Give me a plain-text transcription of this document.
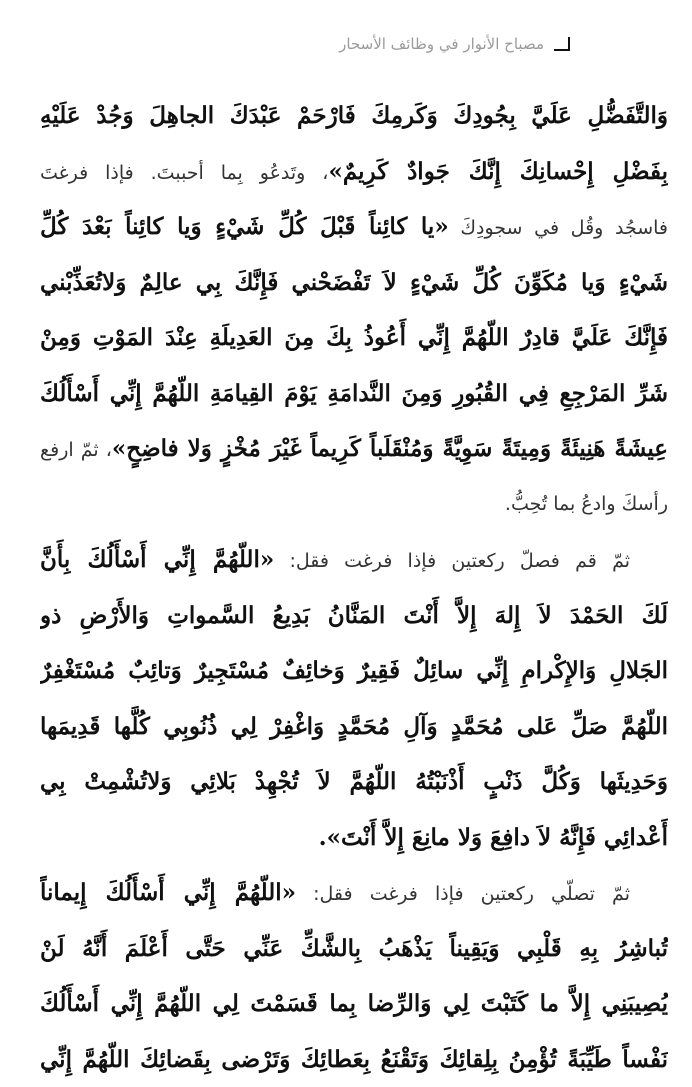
مصباح الأنوار في وظائف الأسحار
وَالتَّفَضُّلِ عَلَيَّ بِجُودِكَ وَكَرمِكَ فَارْحَمْ عَبْدَكَ الجاهِلَ وَجُدْ عَلَيْهِ
بِفَضْلِ إِحْسانِكَ إِنَّكَ جَوادٌ كَرِيمٌ»، وتَدعُو بِما أحببتَ. فإذا فرغتَ
فاسجُد وقُل في سجودِكَ «يا كائِناً قَبْلَ كُلِّ شَيْءٍ وَيا كائِناً بَعْدَ كُلِّ
شَيْءٍ وَيا مُكَوِّنَ كُلِّ شَيْءٍ لاَ تَفْضَحْني فَإِنَّكَ بِي عالِمٌ وَلاتُعَذِّبْني
فَإِنَّكَ عَلَيَّ قادِرٌ اللّهُمَّ إِنِّي أَعُوذُ بِكَ مِنَ العَدِيلَةِ عِنْدَ المَوْتِ وَمِنْ
شَرِّ المَرْجِعِ فِي القُبُورِ وَمِنَ النَّدامَةِ يَوْمَ القِيامَةِ اللّهُمَّ إِنِّي أَسْأَلُكَ
عِيشَةً هَنِيئَةً وَمِيتَةً سَوِيَّةً وَمُنْقَلَباً كَرِيماً غَيْرَ مُخْزٍ وَلا فاضِحٍ»، ثمّ ارفع
رأسكَ وادعُ بما تُحِبُّ.
ثمّ قم فصلّ ركعتين فإذا فرغت فقل: «اللّهُمَّ إِنِّي أَسْأَلُكَ بِأَنَّ
لَكَ الحَمْدَ لاَ إِلهَ إِلاَّ أَنْتَ المَنَّانُ بَدِيعُ السَّمواتِ وَالأَرْضِ ذو
الجَلالِ وَالإِكْرامِ إِنِّي سائِلٌ فَقِيرٌ وَخائِفٌ مُسْتَجِيرٌ وَتائِبٌ مُسْتَغْفِرٌ
اللّهُمَّ صَلِّ عَلى مُحَمَّدٍ وَآلِ مُحَمَّدٍ وَاغْفِرْ لِي ذُنُوبِي كُلَّها قَدِيمَها
وَحَدِيثَها وَكُلَّ ذَنْبٍ أَذْنَبْتُهُ اللّهُمَّ لاَ تُجْهِدْ بَلائِي وَلاتُشْمِتْ بِي
أَعْدائِي فَإِنَّهُ لاَ دافِعَ وَلا مانِعَ إِلاَّ أَنْتَ».
ثمّ تصلّي ركعتين فإذا فرغت فقل: «اللّهُمَّ إِنِّي أَسْأَلُكَ إِيماناً
تُباشِرُ بِهِ قَلْبِي وَيَقِيناً يَذْهَبُ بِالشَّكِّ عَنِّي حَتَّى أَعْلَمَ أَنَّهُ لَنْ
يُصِيبَنِي إِلاَّ ما كَتَبْتَ لِي وَالرِّضا بِما قَسَمْتَ لِي اللّهُمَّ إِنِّي أَسْأَلُكَ
نَفْساً طَيِّبَةً تُؤْمِنُ بِلِقائِكَ وَتَقْنَعُ بِعَطائِكَ وَتَرْضى بِقَضائِكَ اللّهُمَّ إِنِّي
